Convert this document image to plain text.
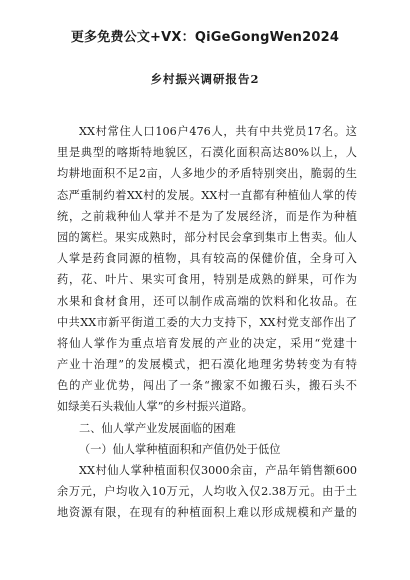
更多免费公文+VX：QiGeGongWen2024
乡村振兴调研报告2
XX村常住人口106户476人，共有中共党员17名。这
里是典型的喀斯特地貌区，石漠化面积高达80%以上，人
均耕地面积不足2亩，人多地少的矛盾特别突出，脆弱的生
态严重制约着XX村的发展。XX村一直都有种植仙人掌的传
统，之前栽种仙人掌并不是为了发展经济，而是作为种植
园的篱栏。果实成熟时，部分村民会拿到集市上售卖。仙人
人掌是药食同源的植物，具有较高的保健价值，全身可入
药，花、叶片、果实可食用，特别是成熟的鲜果，可作为
水果和食材食用，还可以制作成高端的饮料和化妆品。在
中共XX市新平街道工委的大力支持下，XX村党支部作出了
将仙人掌作为重点培育发展的产业的决定，采用“党建十
产业十治理”的发展模式，把石漠化地理劣势转变为有特
色的产业优势，闯出了一条“搬家不如搬石头，搬石头不
如绿美石头栽仙人掌”的乡村振兴道路。
二、仙人掌产业发展面临的困难
（一）仙人掌种植面积和产值仍处于低位
XX村仙人掌种植面积仅3000余亩，产品年销售额600
余万元，户均收入10万元，人均收入仅2.38万元。由于土
地资源有限，在现有的种植面积上难以形成规模和产量的
